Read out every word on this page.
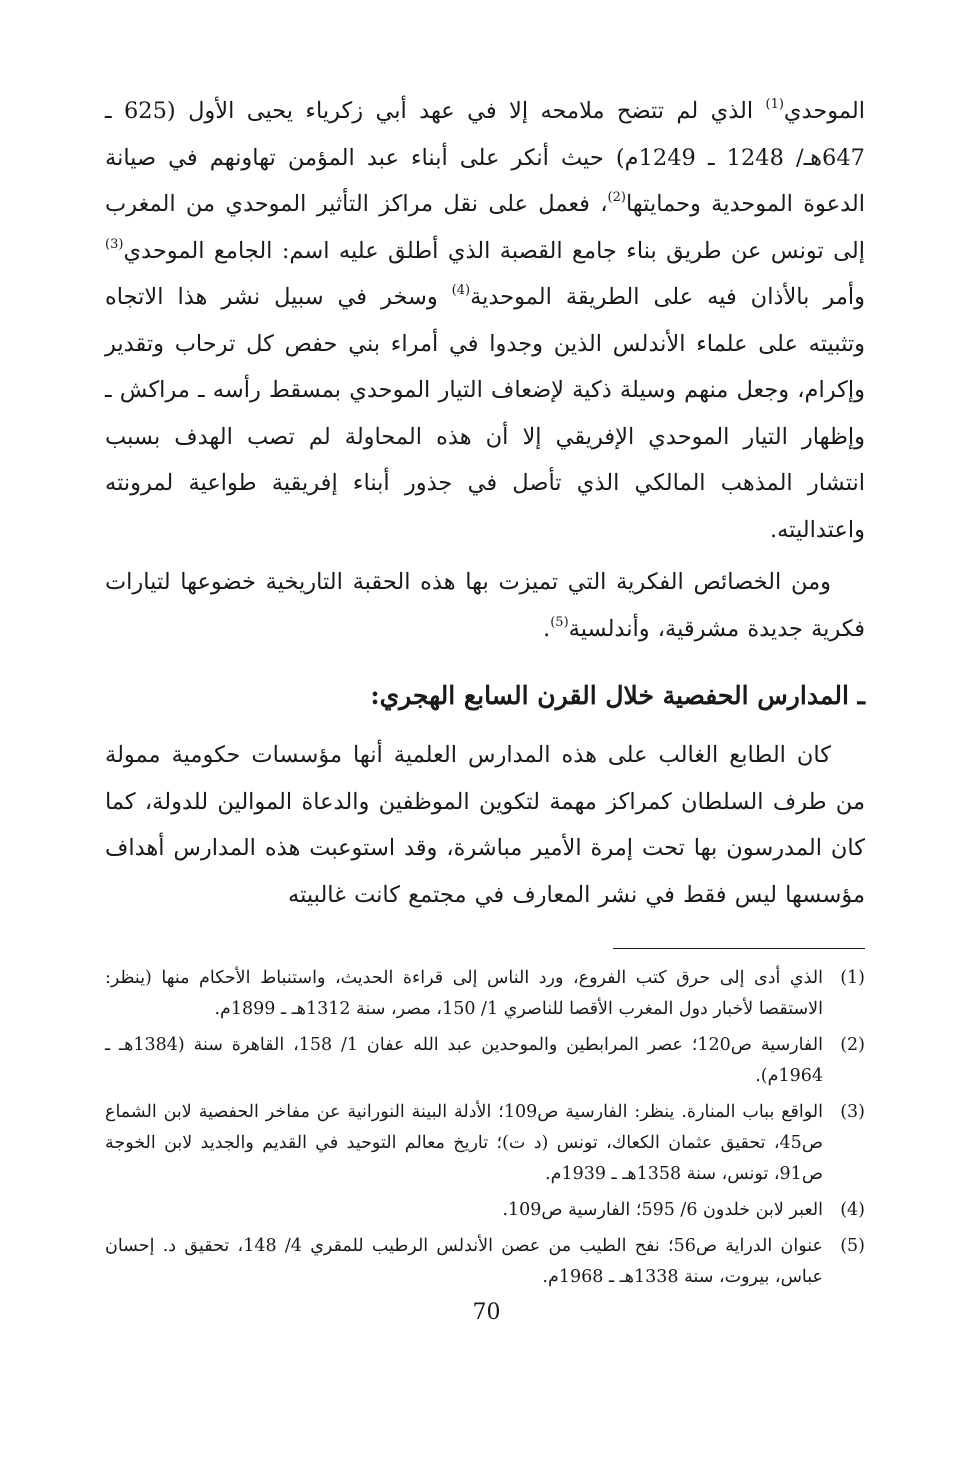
الموحدي$^{(1)}$ الذي لم تتضح ملامحه إلا في عهد أبي زكرياء يحيى الأول (625 ـ 647هـ/ 1248 ـ 1249م) حيث أنكر على أبناء عبد المؤمن تهاونهم في صيانة الدعوة الموحدية وحمايتها$^{(2)}$، فعمل على نقل مراكز التأثير الموحدي من المغرب إلى تونس عن طريق بناء جامع القصبة الذي أطلق عليه اسم: الجامع الموحدي$^{(3)}$ وأمر بالأذان فيه على الطريقة الموحدية$^{(4)}$ وسخر في سبيل نشر هذا الاتجاه وتثبيته على علماء الأندلس الذين وجدوا في أمراء بني حفص كل ترحاب وتقدير وإكرام، وجعل منهم وسيلة ذكية لإضعاف التيار الموحدي بمسقط رأسه ـ مراكش ـ وإظهار التيار الموحدي الإفريقي إلا أن هذه المحاولة لم تصب الهدف بسبب انتشار المذهب المالكي الذي تأصل في جذور أبناء إفريقية طواعية لمرونته واعتداليته.

ومن الخصائص الفكرية التي تميزت بها هذه الحقبة التاريخية خضوعها لتيارات فكرية جديدة مشرقية، وأندلسية$^{(5)}$.

ـ المدارس الحفصية خلال القرن السابع الهجري:

كان الطابع الغالب على هذه المدارس العلمية أنها مؤسسات حكومية ممولة من طرف السلطان كمراكز مهمة لتكوين الموظفين والدعاة الموالين للدولة، كما كان المدرسون بها تحت إمرة الأمير مباشرة، وقد استوعبت هذه المدارس أهداف مؤسسها ليس فقط في نشر المعارف في مجتمع كانت غالبيته

(1)
الذي أدى إلى حرق كتب الفروع، ورد الناس إلى قراءة الحديث، واستنباط الأحكام منها (ينظر: الاستقصا لأخبار دول المغرب الأقصا للناصري 1/ 150، مصر، سنة 1312هـ ـ 1899م.
(2)
الفارسية ص120؛ عصر المرابطين والموحدين عبد الله عفان 1/ 158، القاهرة سنة (1384هـ ـ 1964م).
(3)
الواقع بباب المنارة. ينظر: الفارسية ص109؛ الأدلة البينة النورانية عن مفاخر الحفصية لابن الشماع ص45، تحقيق عثمان الكعاك، تونس (د ت)؛ تاريخ معالم التوحيد في القديم والجديد لابن الخوجة ص91، تونس، سنة 1358هـ ـ 1939م.
(4)
العبر لابن خلدون 6/ 595؛ الفارسية ص109.
(5)
عنوان الدراية ص56؛ نفح الطيب من عصن الأندلس الرطيب للمقري 4/ 148، تحقيق د. إحسان عباس، بيروت، سنة 1338هـ ـ 1968م.
70
